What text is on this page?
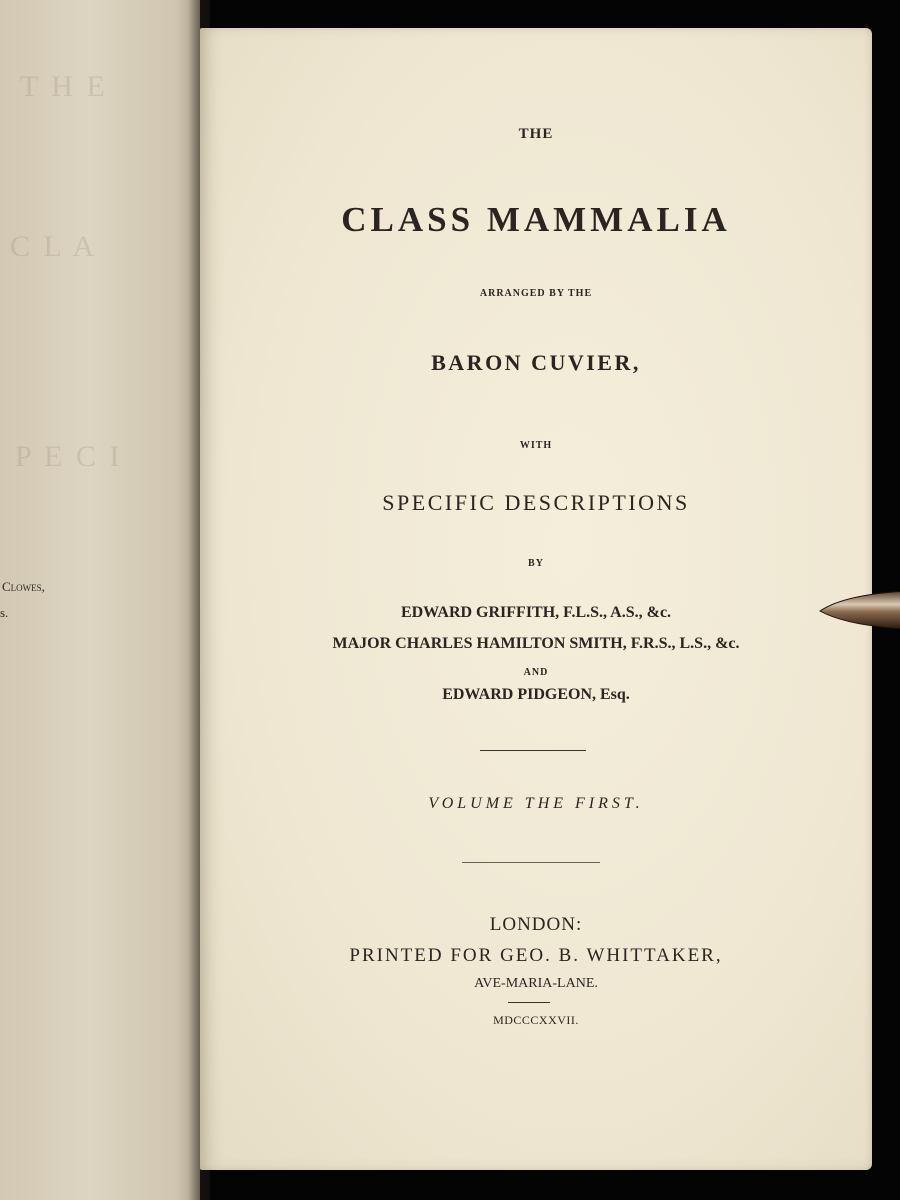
T H E
C L A
P E C I
Clowes,
s.
THE
CLASS MAMMALIA
ARRANGED BY THE
BARON CUVIER,
WITH
SPECIFIC DESCRIPTIONS
BY
EDWARD GRIFFITH, F.L.S., A.S., &c.
MAJOR CHARLES HAMILTON SMITH, F.R.S., L.S., &c.
AND
EDWARD PIDGEON, Esq.
VOLUME THE FIRST.
LONDON:
PRINTED FOR GEO. B. WHITTAKER,
AVE-MARIA-LANE.
MDCCCXXVII.
